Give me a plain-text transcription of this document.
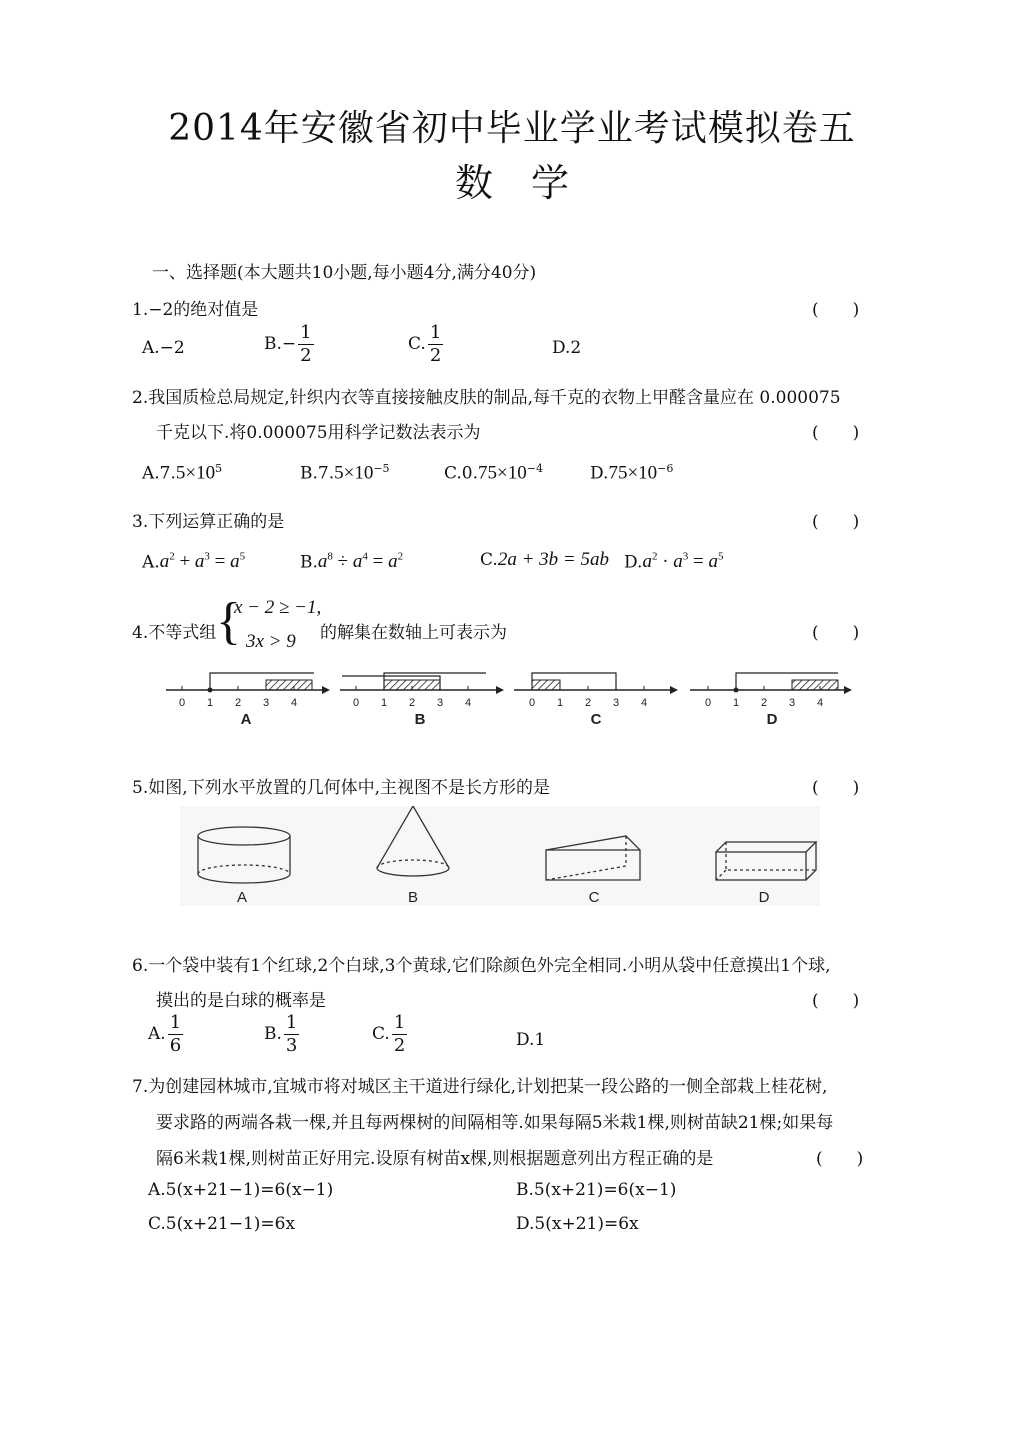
2014年安徽省初中毕业学业考试模拟卷五
数　学
一、选择题(本大题共10小题,每小题4分,满分40分)
1.−2的绝对值是	(　　)
A.−2	$B.- \frac{1}{2}$	C. $\frac{1}{2}$	D.2
2.我国质检总局规定,针织内衣等直接接触皮肤的制品,每千克的衣物上甲醛含量应在 0.000075
千克以下.将0.000075用科学记数法表示为	(　　)
$A.7.5\times 10^5$	$B.7.5\times 10^{-5}$	$C.0.75\times 10^{-4}$	$D.75\times 10^{-6}$
3.下列运算正确的是	(　　)
$A.a^2 + a^3 = a^5$	$B.a^8 \div a^4 = a^2$	C.2a + 3b = 5ab $D.a^2 \cdot a^3 = a^5$
4.不等式组 {
x − 2 ≥ −1,
3x > 9 的解集在数轴上可表示为	(　　)
0 1 2 3 4	0 1 2 3 4	0 1 2 3 4	0 1 2 3 4
A	B	C	D
5.如图,下列水平放置的几何体中,主视图不是长方形的是	(　　)
A	B	C	D
6.一个袋中装有1个红球,2个白球,3个黄球,它们除颜色外完全相同.小明从袋中任意摸出1个球,
摸出的是白球的概率是	(　　)
A. $\frac{1}{6}$	B. $\frac{1}{3}$	C. $\frac{1}{2}$	D.1
7.为创建园林城市,宜城市将对城区主干道进行绿化,计划把某一段公路的一侧全部栽上桂花树,
要求路的两端各栽一棵,并且每两棵树的间隔相等.如果每隔5米栽1棵,则树苗缺21棵;如果每
隔6米栽1棵,则树苗正好用完.设原有树苗x棵,则根据题意列出方程正确的是	(　　)
A.5(x+21−1)=6(x−1)	B.5(x+21)=6(x−1)
C.5(x+21−1)=6x	D.5(x+21)=6x
